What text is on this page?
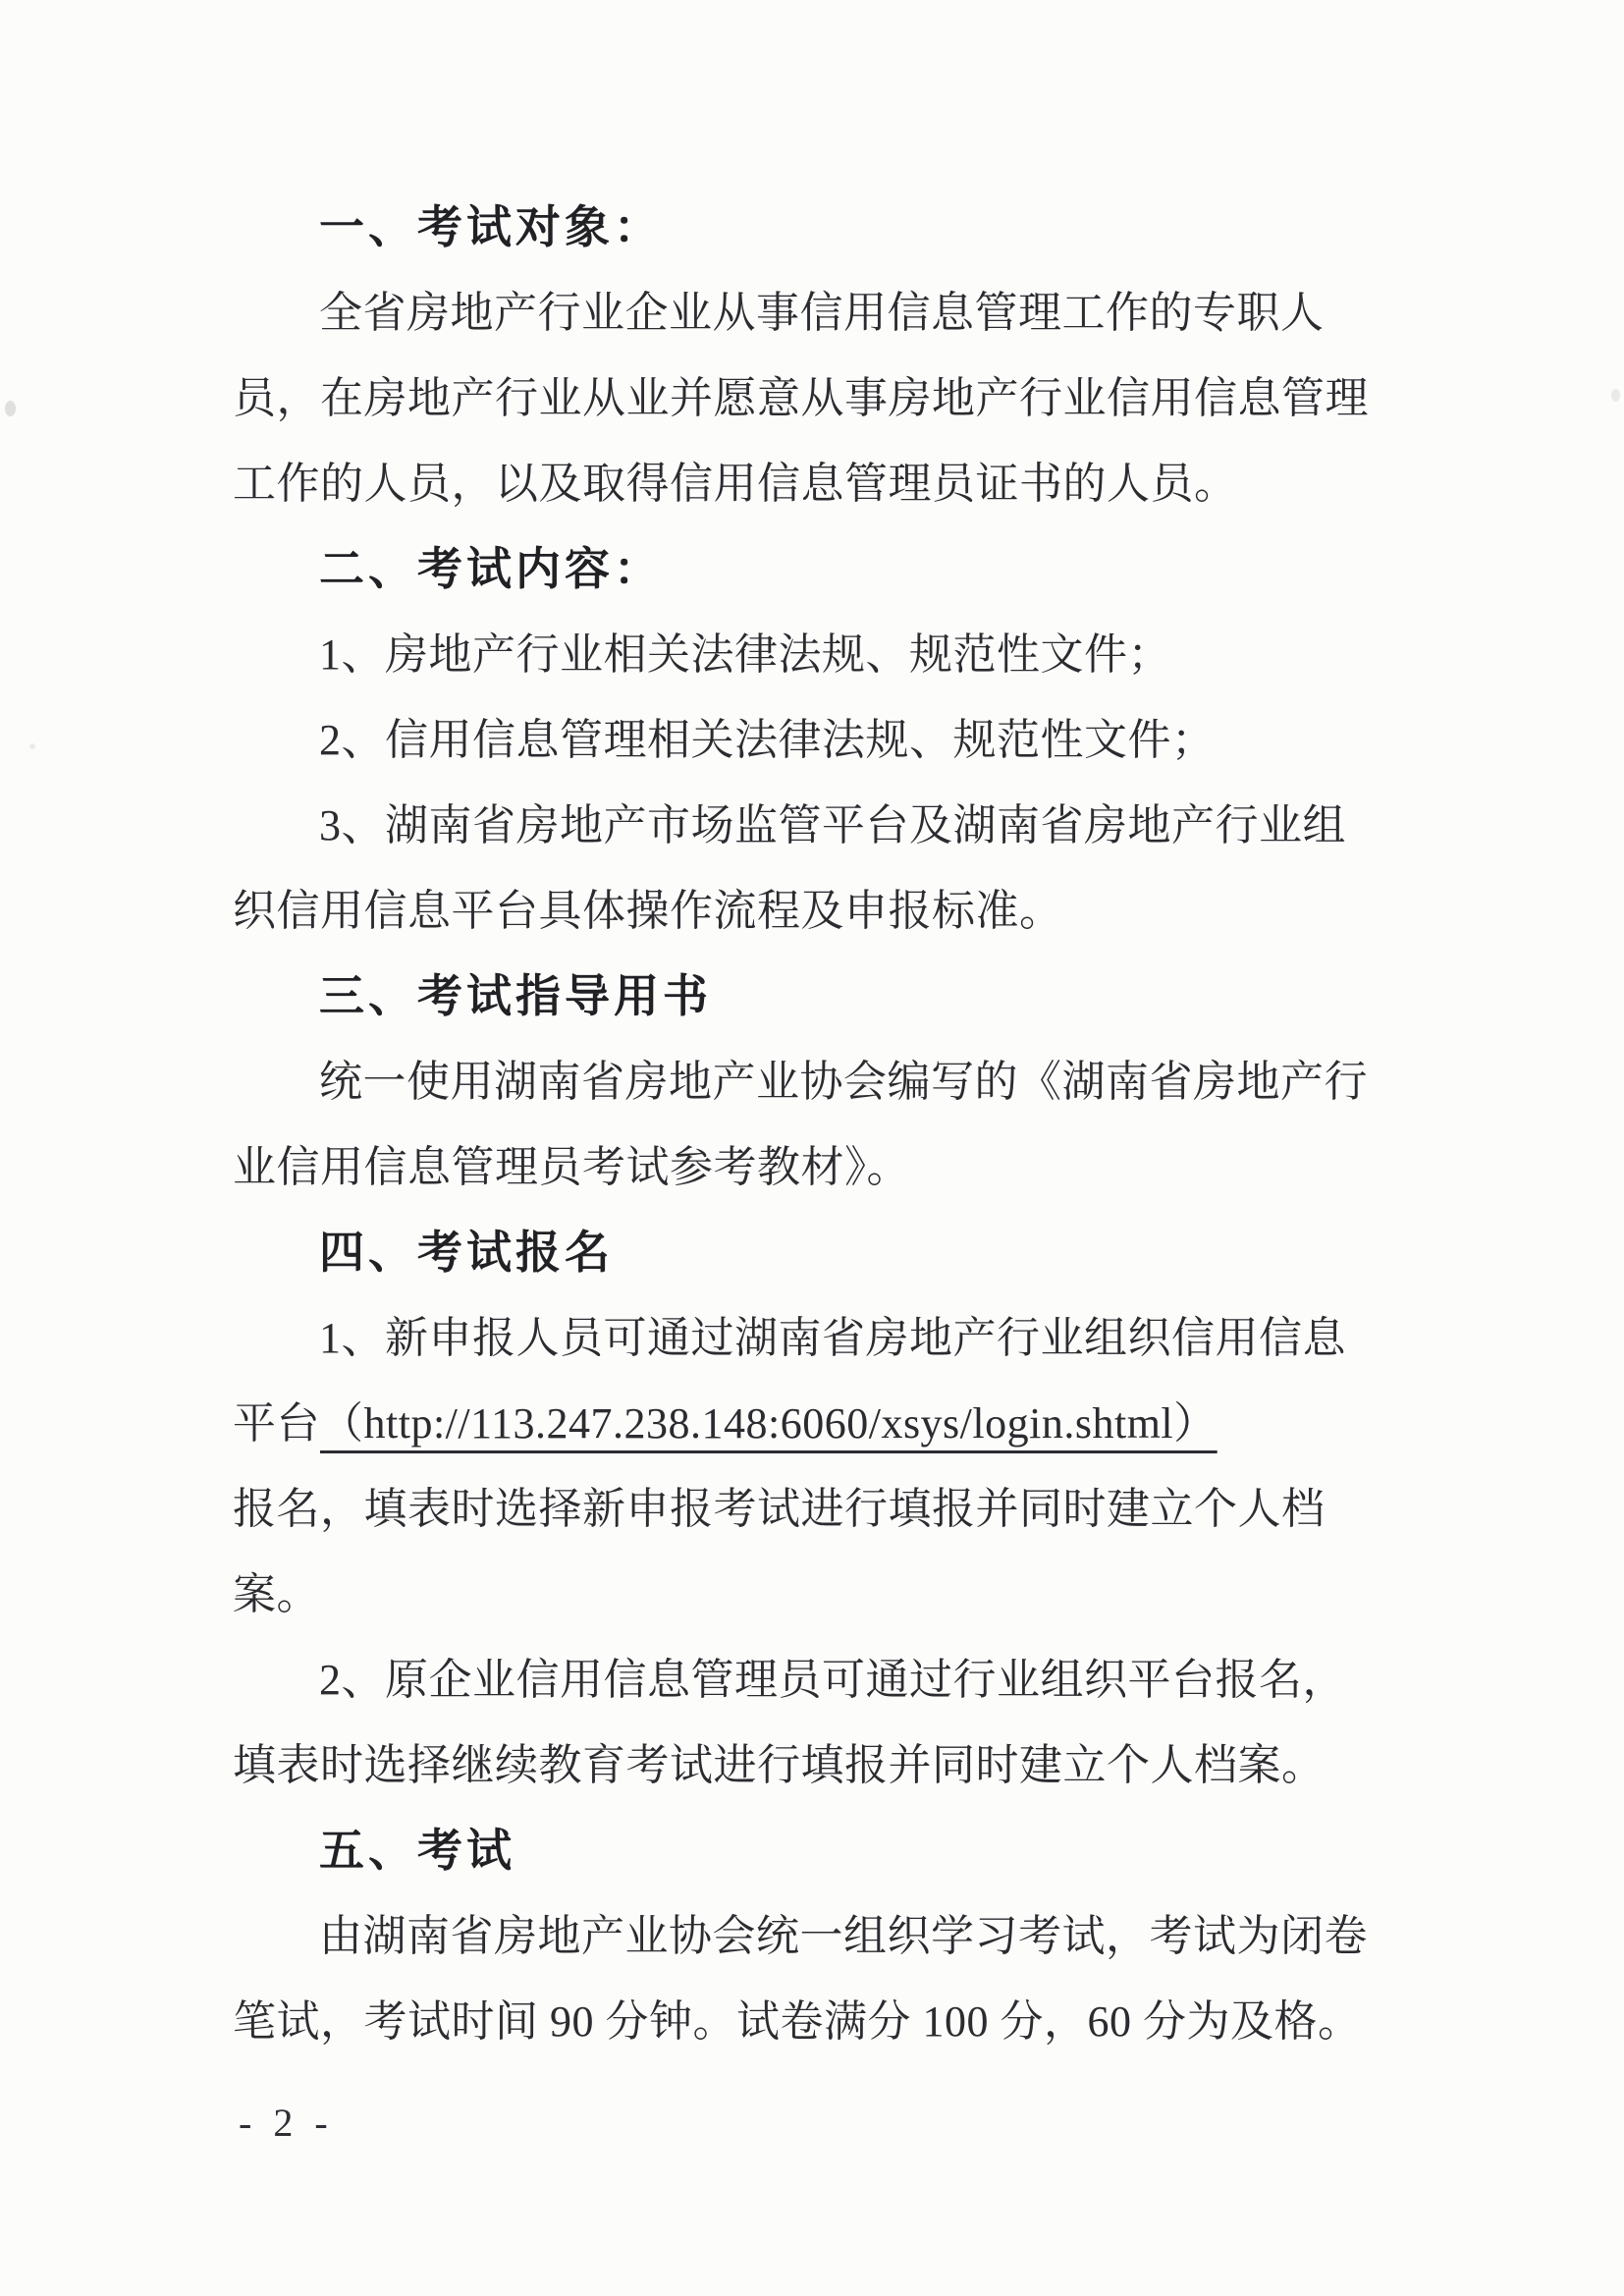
一、考试对象：
全省房地产行业企业从事信用信息管理工作的专职人
员，在房地产行业从业并愿意从事房地产行业信用信息管理
工作的人员，以及取得信用信息管理员证书的人员。
二、考试内容：
1、房地产行业相关法律法规、规范性文件；
2、信用信息管理相关法律法规、规范性文件；
3、湖南省房地产市场监管平台及湖南省房地产行业组
织信用信息平台具体操作流程及申报标准。
三、考试指导用书
统一使用湖南省房地产业协会编写的《湖南省房地产行
业信用信息管理员考试参考教材》。
四、考试报名
1、新申报人员可通过湖南省房地产行业组织信用信息
平台（http://113.247.238.148:6060/xsys/login.shtml）
报名，填表时选择新申报考试进行填报并同时建立个人档
案。
2、原企业信用信息管理员可通过行业组织平台报名，
填表时选择继续教育考试进行填报并同时建立个人档案。
五、考试
由湖南省房地产业协会统一组织学习考试，考试为闭卷
笔试，考试时间 90 分钟。试卷满分 100 分，60 分为及格。
- 2 -
